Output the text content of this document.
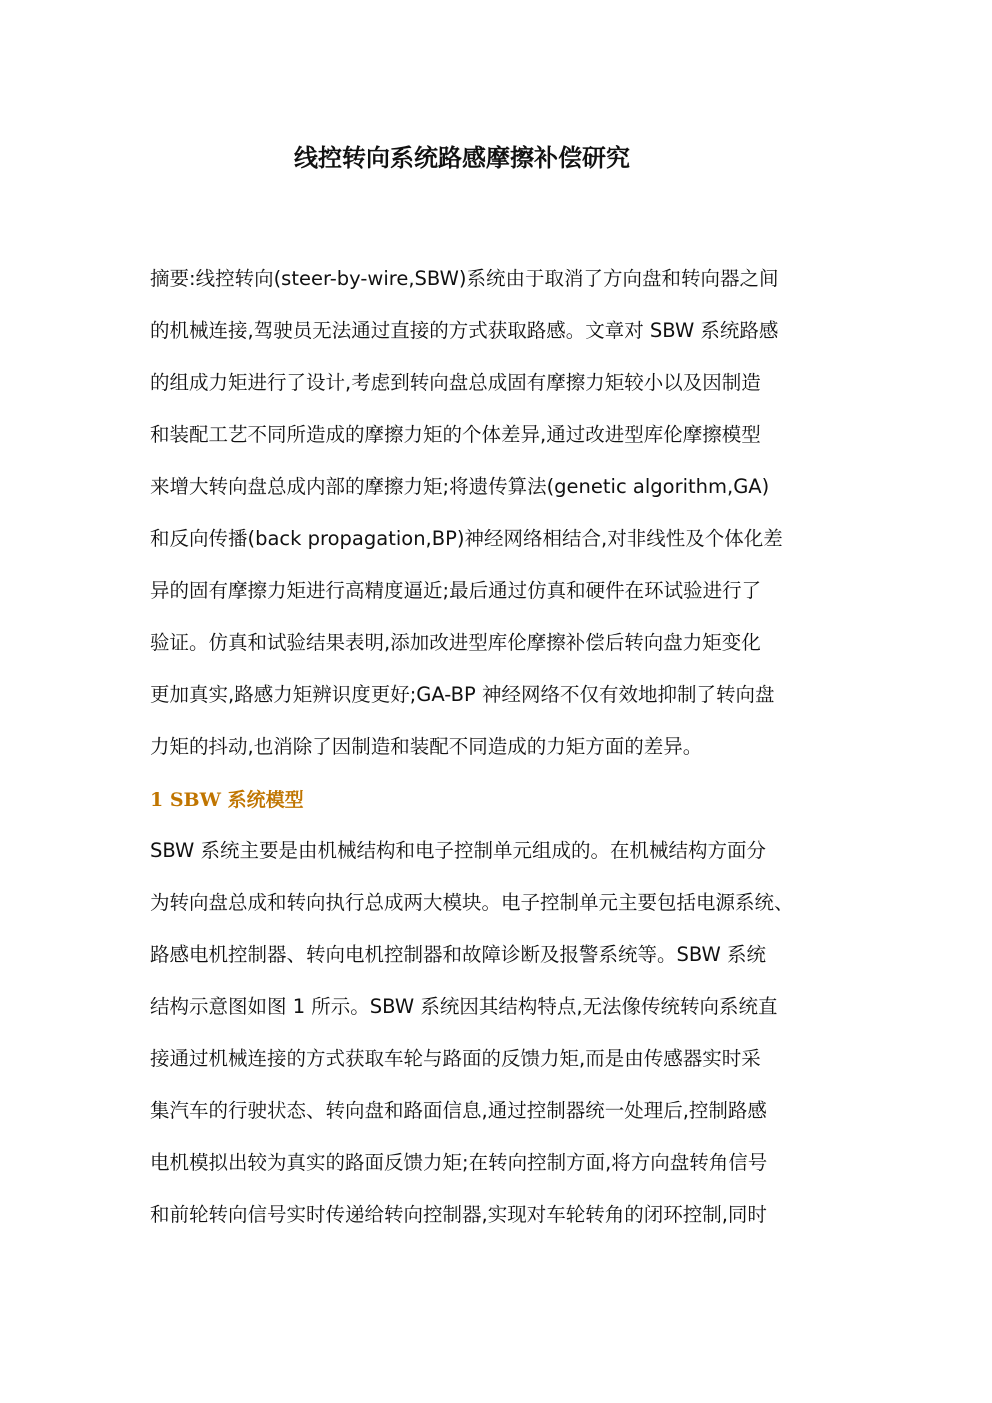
线控转向系统路感摩擦补偿研究
摘要:线控转向(steer-by-wire,SBW)系统由于取消了方向盘和转向器之间
的机械连接,驾驶员无法通过直接的方式获取路感。文章对 SBW 系统路感
的组成力矩进行了设计,考虑到转向盘总成固有摩擦力矩较小以及因制造
和装配工艺不同所造成的摩擦力矩的个体差异,通过改进型库伦摩擦模型
来增大转向盘总成内部的摩擦力矩;将遗传算法(genetic algorithm,GA)
和反向传播(back propagation,BP)神经网络相结合,对非线性及个体化差
异的固有摩擦力矩进行高精度逼近;最后通过仿真和硬件在环试验进行了
验证。仿真和试验结果表明,添加改进型库伦摩擦补偿后转向盘力矩变化
更加真实,路感力矩辨识度更好;GA-BP 神经网络不仅有效地抑制了转向盘
力矩的抖动,也消除了因制造和装配不同造成的力矩方面的差异。
1 SBW 系统模型
SBW 系统主要是由机械结构和电子控制单元组成的。在机械结构方面分
为转向盘总成和转向执行总成两大模块。电子控制单元主要包括电源系统、
路感电机控制器、转向电机控制器和故障诊断及报警系统等。SBW 系统
结构示意图如图 1 所示。SBW 系统因其结构特点,无法像传统转向系统直
接通过机械连接的方式获取车轮与路面的反馈力矩,而是由传感器实时采
集汽车的行驶状态、转向盘和路面信息,通过控制器统一处理后,控制路感
电机模拟出较为真实的路面反馈力矩;在转向控制方面,将方向盘转角信号
和前轮转向信号实时传递给转向控制器,实现对车轮转角的闭环控制,同时
